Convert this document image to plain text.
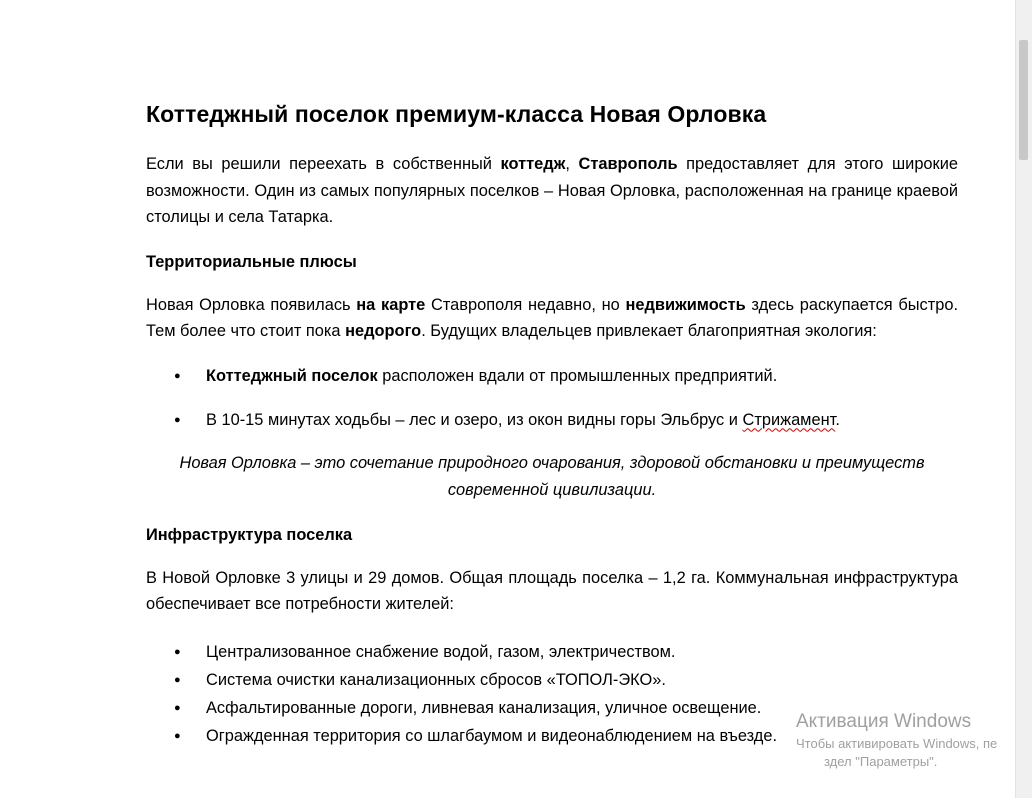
Коттеджный поселок премиум-класса Новая Орловка

Если вы решили переехать в собственный коттедж, Ставрополь предоставляет для этого широкие возможности. Один из самых популярных поселков – Новая Орловка, расположенная на границе краевой столицы и села Татарка.

Территориальные плюсы

Новая Орловка появилась на карте Ставрополя недавно, но недвижимость здесь раскупается быстро. Тем более что стоит пока недорого. Будущих владельцев привлекает благоприятная экология:

● Коттеджный поселок расположен вдали от промышленных предприятий.
● В 10-15 минутах ходьбы – лес и озеро, из окон видны горы Эльбрус и Стрижамент.

Новая Орловка – это сочетание природного очарования, здоровой обстановки и преимуществ современной цивилизации.

Инфраструктура поселка

В Новой Орловке 3 улицы и 29 домов. Общая площадь поселка – 1,2 га. Коммунальная инфраструктура обеспечивает все потребности жителей:

● Централизованное снабжение водой, газом, электричеством.
● Система очистки канализационных сбросов «ТОПОЛ-ЭКО».
● Асфальтированные дороги, ливневая канализация, уличное освещение.
● Огражденная территория со шлагбаумом и видеонаблюдением на въезде.
Активация Windows
Чтобы активировать Windows, пе
здел "Параметры".
